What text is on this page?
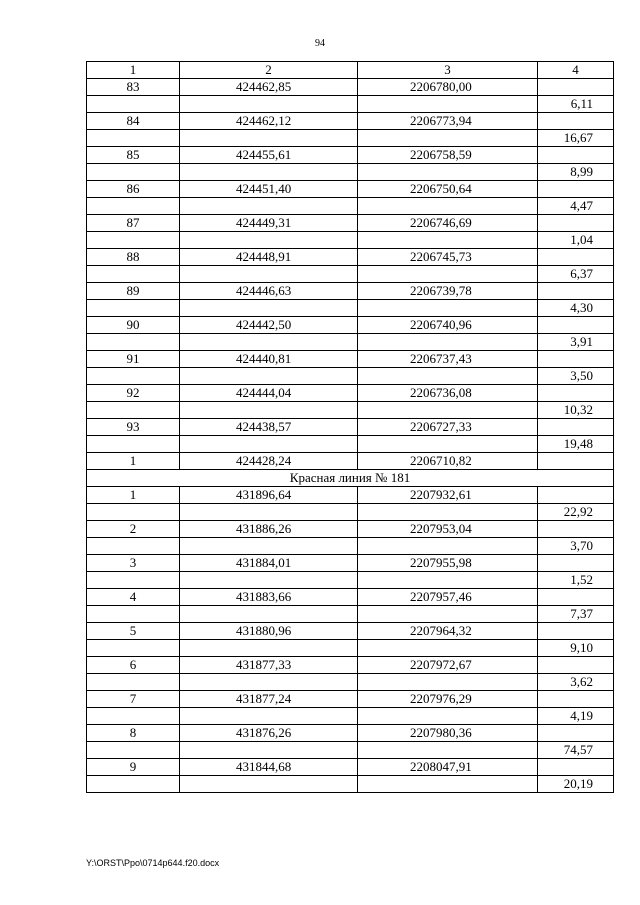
94
1	2	3	4
83	424462,85	2206780,00	
			6,11
84	424462,12	2206773,94	
			16,67
85	424455,61	2206758,59	
			8,99
86	424451,40	2206750,64	
			4,47
87	424449,31	2206746,69	
			1,04
88	424448,91	2206745,73	
			6,37
89	424446,63	2206739,78	
			4,30
90	424442,50	2206740,96	
			3,91
91	424440,81	2206737,43	
			3,50
92	424444,04	2206736,08	
			10,32
93	424438,57	2206727,33	
			19,48
1	424428,24	2206710,82	
Красная линия № 181			
1	431896,64	2207932,61	
			22,92
2	431886,26	2207953,04	
			3,70
3	431884,01	2207955,98	
			1,52
4	431883,66	2207957,46	
			7,37
5	431880,96	2207964,32	
			9,10
6	431877,33	2207972,67	
			3,62
7	431877,24	2207976,29	
			4,19
8	431876,26	2207980,36	
			74,57
9	431844,68	2208047,91	
			20,19
Y:\ORST\Ppo\0714p644.f20.docx
